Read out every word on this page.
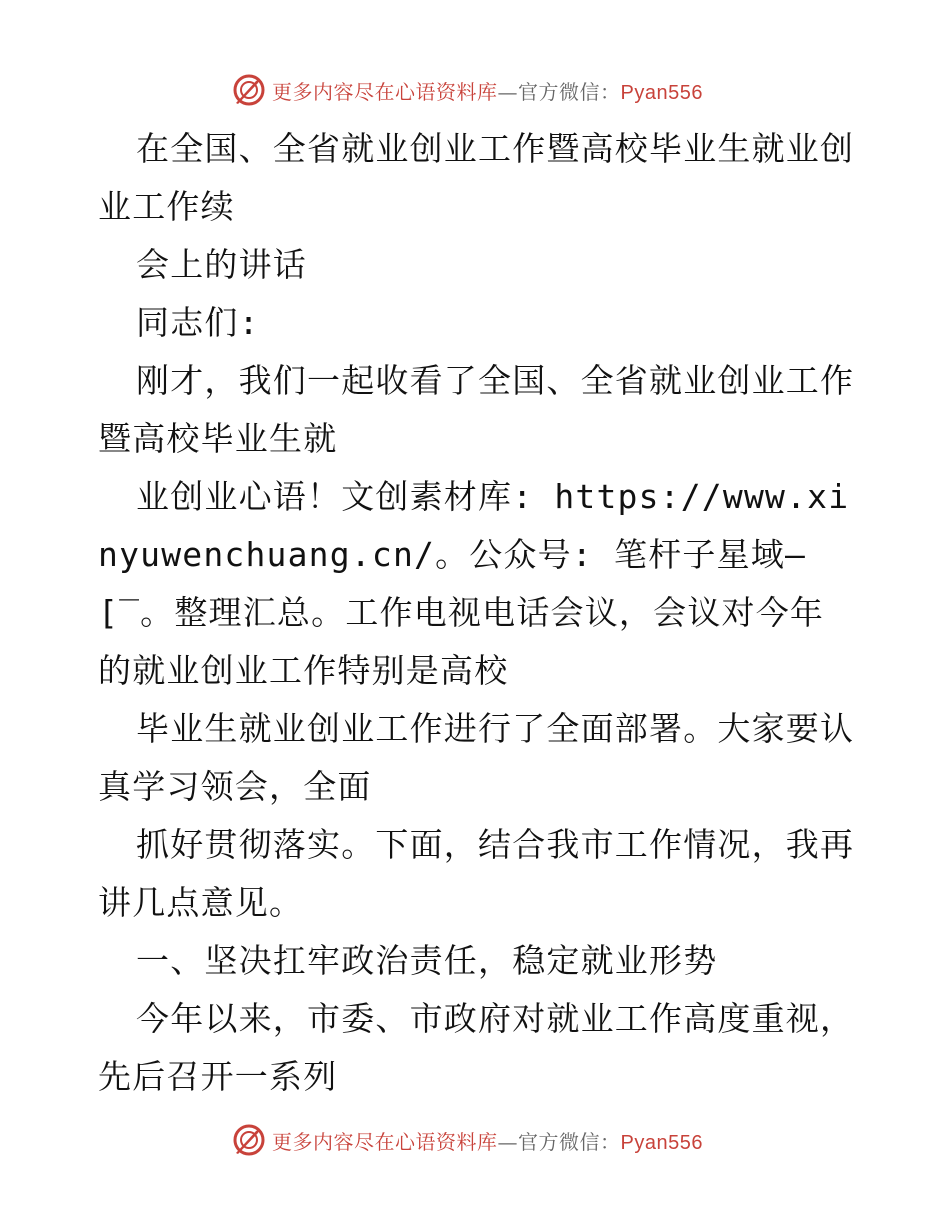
更多内容尽在心语资料库—官方微信：Pyan556

在全国、全省就业创业工作暨高校毕业生就业创业工作续

会上的讲话

同志们:

刚才，我们一起收看了全国、全省就业创业工作暨高校毕业生就

业创业心语！文创素材库: https://www.xinyuwenchuang.cn/。公众号: 笔杆子星域—[‾。整理汇总。工作电视电话会议，会议对今年的就业创业工作特别是高校

毕业生就业创业工作进行了全面部署。大家要认真学习领会，全面

抓好贯彻落实。下面，结合我市工作情况，我再讲几点意见。

一、坚决扛牢政治责任，稳定就业形势

今年以来，市委、市政府对就业工作高度重视，先后召开一系列

更多内容尽在心语资料库—官方微信：Pyan556
